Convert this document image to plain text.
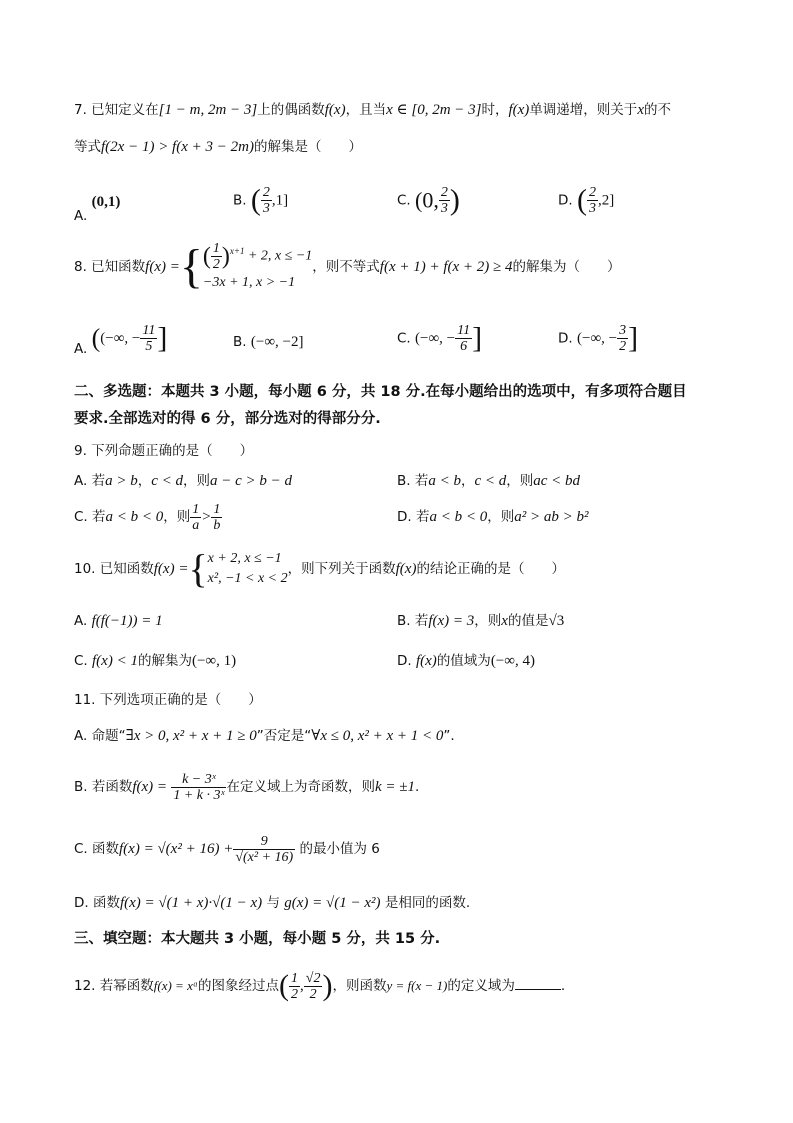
7. 已知定义在[1 − m, 2m − 3]上的偶函数f(x)，且当x ∈ [0, 2m − 3]时，f(x)单调递增，则关于x的不
等式f(2x − 1) > f(x + 3 − 2m)的解集是（　　）
A. (0,1)	B. ( $\frac{2}{3} ,1$]	C. (0, $\frac{2}{3}$ )	D. ( $\frac{2}{3} ,2$]
8. 已知函数f(x) ={ ( $\frac{1}{2} )^{x+1} + 2$, x ≤ −1
−3x + 1, x > −1
，则不等式f(x + 1) + f(x + 2) ≥ 4的解集为（　　）
A. ((−∞, − $\frac{11}{5}$ ]	B. (−∞, −2]	C. (−∞, − $\frac{11}{6}$ ]	D. (−∞, − $\frac{3}{2}$ ]
二、多选题：本题共 3 小题，每小题 6 分，共 18 分.在每小题给出的选项中，有多项符合题目
要求.全部选对的得 6 分，部分选对的得部分分.
9. 下列命题正确的是（　　）
A. 若a > b，c < d，则a − c > b − d	B. 若a < b，c < d，则ac < bd
C. 若a < b < 0，则 $\frac{1}{a} > \frac{1}{b}$	D. 若a < b < 0，则a² > ab > b²
10. 已知函数f(x) ={ x + 2, x ≤ −1
x², −1 < x < 2
，则下列关于函数f(x)的结论正确的是（　　）
A. f(f(−1)) = 1	B. 若f(x) = 3，则x的值是√3
C. f(x) < 1的解集为(−∞, 1)	D. f(x)的值域为(−∞, 4)
11. 下列选项正确的是（　　）
A. 命题“∃x > 0, x² + x + 1 ≥ 0”否定是“∀x ≤ 0, x² + x + 1 < 0”.
B. 若函数$f(x) = \frac{\text{k − 3ˣ}}{\text{1 + k · 3ˣ}}$ 在定义域上为奇函数，则k = ±1.
C. 函数$f(x) = √(x^2 + 16) + \frac{9}{\text{√(x² + 16)}}$ 的最小值为 6
D. 函数f(x) = √(1 + x)·√(1 − x) 与 g(x) = √(1 − x²) 是相同的函数.
三、填空题：本大题共 3 小题，每小题 5 分，共 15 分.
12. 若幂函数f(x) = xᵅ的图象经过点( $\frac{1}{2}$ , $\frac{√2}{2}$ )，则函数y = f(x − 1)的定义域为	.
